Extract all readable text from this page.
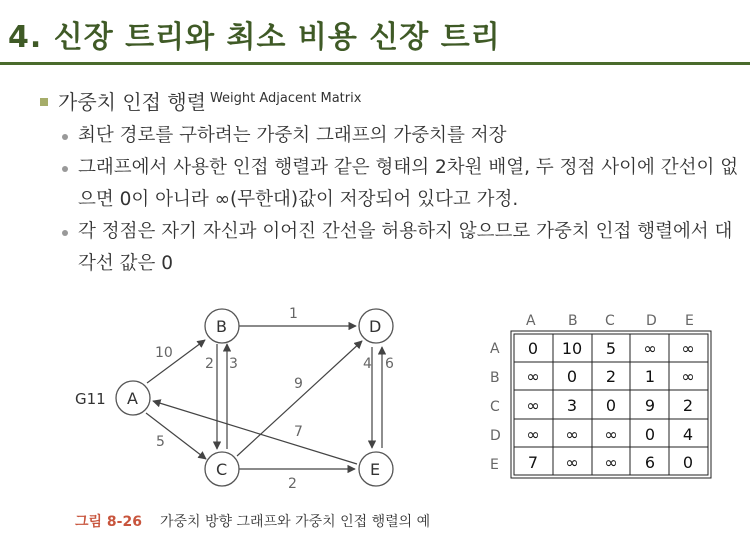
4. 신장 트리와 최소 비용 신장 트리
가중치 인접 행렬 Weight Adjacent Matrix
최단 경로를 구하려는 가중치 그래프의 가중치를 저장
그래프에서 사용한 인접 행렬과 같은 형태의 2차원 배열, 두 정점 사이에 간선이 없으면 0이 아니라 ∞(무한대)값이 저장되어 있다고 가정.
각 정점은 자기 자신과 이어진 간선을 허용하지 않으므로 가중치 인접 행렬에서 대각선 값은 0
G11
10
5
2 3
1
9
2
4 6
7
A
B
C
D
E
A B C D E
A
B
C
D
E
0 10 5 ∞ ∞
∞ 0 2 1 ∞
∞ 3 0 9 2
∞ ∞ ∞ 0 4
7 ∞ ∞ 6 0
그림 8-26 가중치 방향 그래프와 가중치 인접 행렬의 예
